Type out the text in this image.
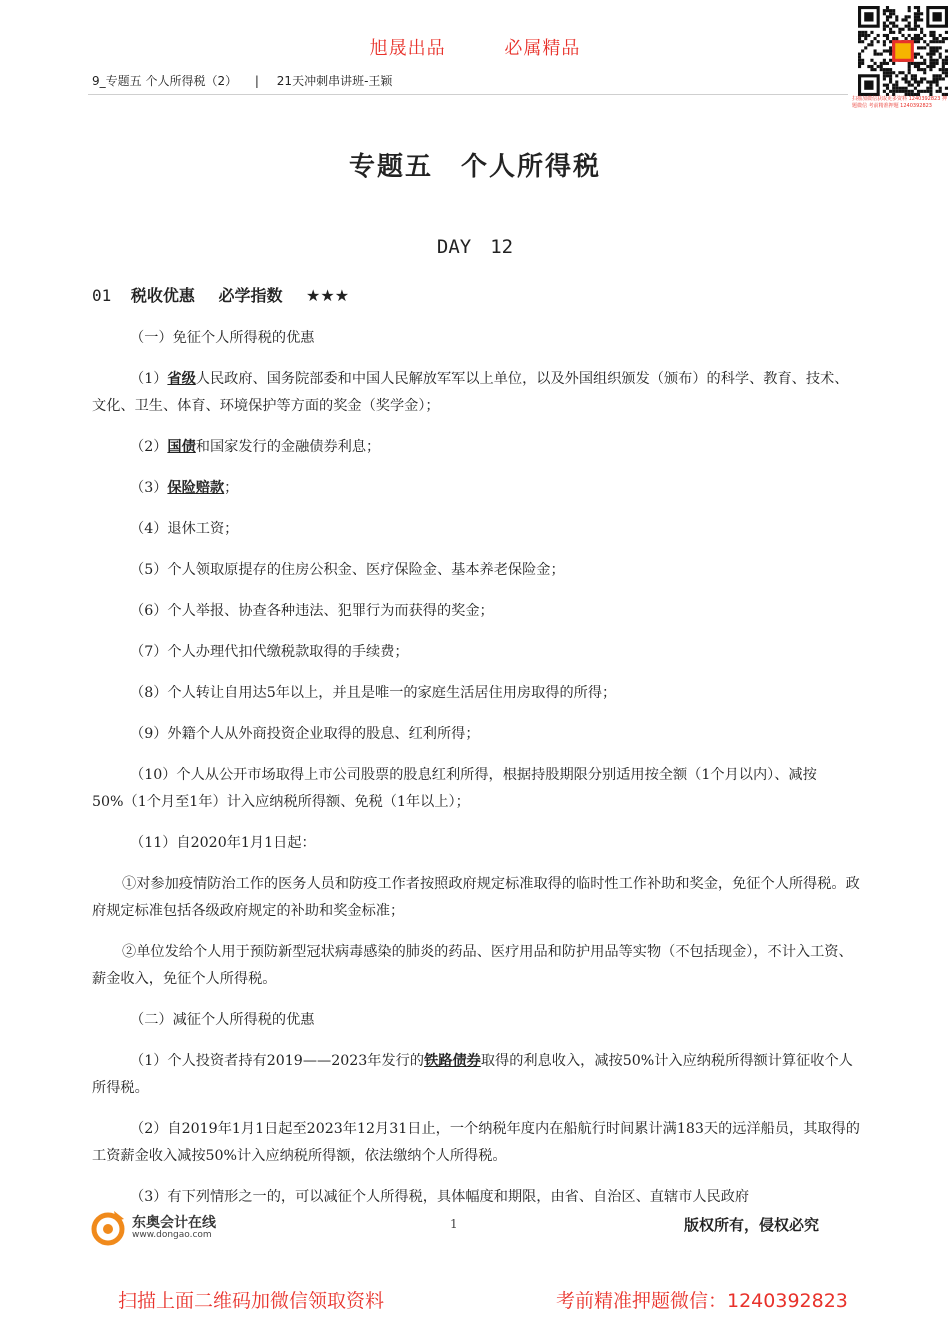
旭晟出品	必属精品
9_专题五 个人所得税（2） | 21天冲刺串讲班-王颖
扫描加微信获取更多资料 1240392823 押题微信 考前精准押题 1240392823
专题五　个人所得税
DAY　12
01 税收优惠 必学指数 ★★★

（一）免征个人所得税的优惠

（1）省级人民政府、国务院部委和中国人民解放军军以上单位，以及外国组织颁发（颁布）的科学、教育、技术、文化、卫生、体育、环境保护等方面的奖金（奖学金）；

（2）国债和国家发行的金融债券利息；

（3）保险赔款；

（4）退休工资；

（5）个人领取原提存的住房公积金、医疗保险金、基本养老保险金；

（6）个人举报、协查各种违法、犯罪行为而获得的奖金；

（7）个人办理代扣代缴税款取得的手续费；

（8）个人转让自用达5年以上，并且是唯一的家庭生活居住用房取得的所得；

（9）外籍个人从外商投资企业取得的股息、红利所得；

（10）个人从公开市场取得上市公司股票的股息红利所得，根据持股期限分别适用按全额（1个月以内）、减按50%（1个月至1年）计入应纳税所得额、免税（1年以上）；

（11）自2020年1月1日起：

①对参加疫情防治工作的医务人员和防疫工作者按照政府规定标准取得的临时性工作补助和奖金，免征个人所得税。政府规定标准包括各级政府规定的补助和奖金标准；

②单位发给个人用于预防新型冠状病毒感染的肺炎的药品、医疗用品和防护用品等实物（不包括现金），不计入工资、薪金收入，免征个人所得税。

（二）减征个人所得税的优惠

（1）个人投资者持有2019——2023年发行的铁路债券取得的利息收入，减按50%计入应纳税所得额计算征收个人所得税。

（2）自2019年1月1日起至2023年12月31日止，一个纳税年度内在船航行时间累计满183天的远洋船员，其取得的工资薪金收入减按50%计入应纳税所得额，依法缴纳个人所得税。

（3）有下列情形之一的，可以减征个人所得税，具体幅度和期限，由省、自治区、直辖市人民政府

东奥会计在线
www.dongao.com
1	版权所有，侵权必究
扫描上面二维码加微信领取资料	考前精准押题微信：1240392823
